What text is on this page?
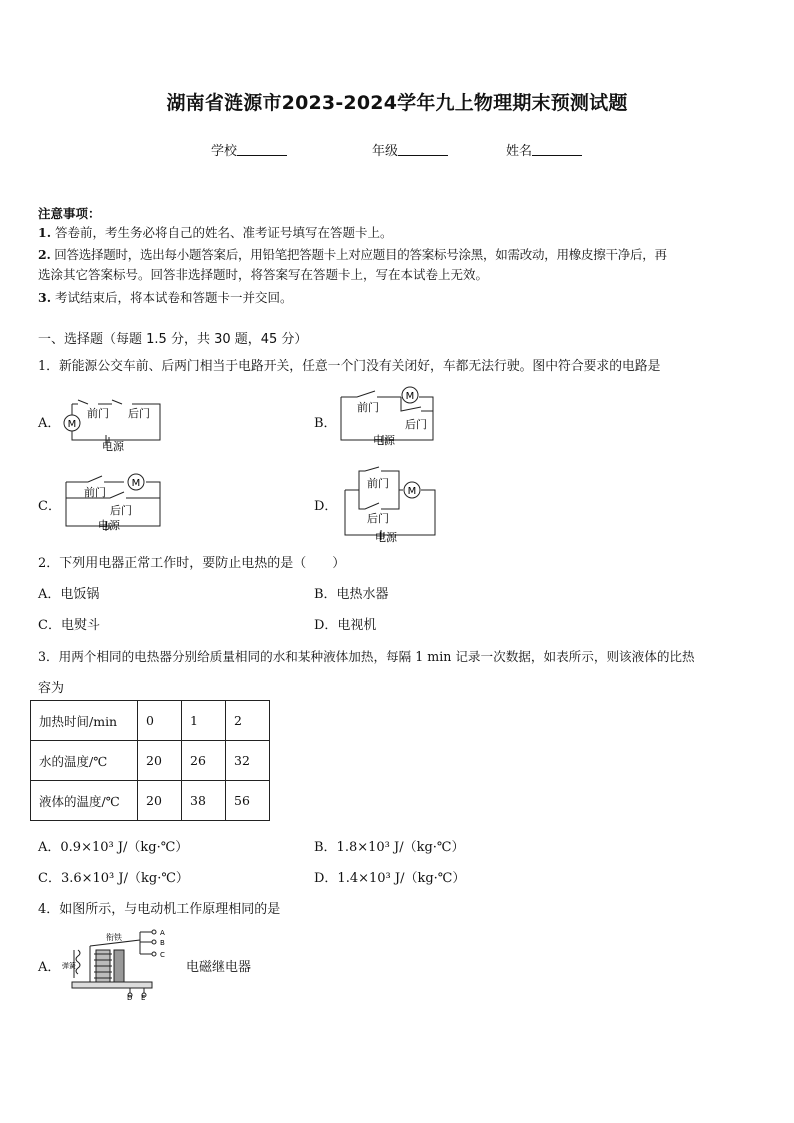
湖南省涟源市2023-2024学年九上物理期末预测试题
学校	年级	姓名
注意事项：
1. 答卷前，考生务必将自己的姓名、准考证号填写在答题卡上。
2. 回答选择题时，选出每小题答案后，用铅笔把答题卡上对应题目的答案标号涂黑，如需改动，用橡皮擦干净后，再
选涂其它答案标号。回答非选择题时，将答案写在答题卡上，写在本试卷上无效。
3. 考试结束后，将本试卷和答题卡一并交回。
一、选择题（每题 1.5 分，共 30 题，45 分）
1．新能源公交车前、后两门相当于电路开关，任意一个门没有关闭好，车都无法行驶。图中符合要求的电路是
A． M
前门 后门
电源
B．
M
前门
后门
电源
C．
M
前门
后门
电源
D．
M
前门
后门
电源
2．下列用电器正常工作时，要防止电热的是（　　）
A．电饭锅	B．电热水器
C．电熨斗	D．电视机
3．用两个相同的电热器分别给质量相同的水和某种液体加热，每隔 1 min 记录一次数据，如表所示，则该液体的比热
容为
加热时间/min	0	1	2
水的温度/℃	20	26	32
液体的温度/℃	20	38	56
A．0.9×10³ J/（kg·℃）	B．1.8×10³ J/（kg·℃）
C．3.6×10³ J/（kg·℃）	D．1.4×10³ J/（kg·℃）
4．如图所示，与电动机工作原理相同的是
A．
衔铁
弹簧
A
B
C
D E
电磁继电器
